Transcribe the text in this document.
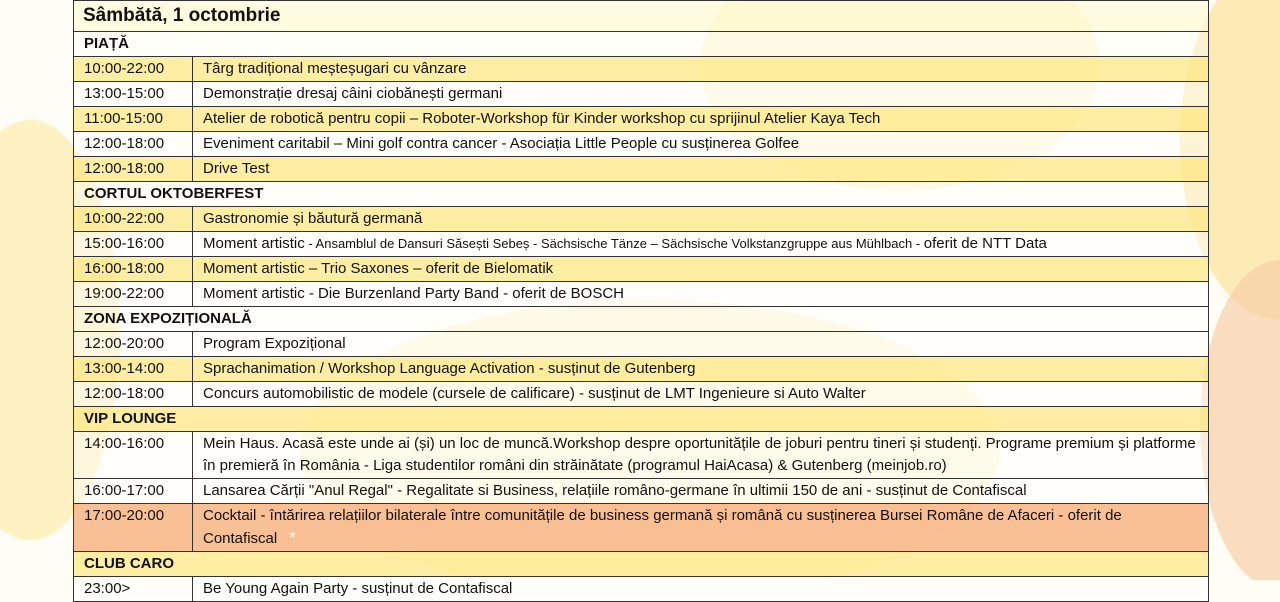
Sâmbătă, 1 octombrie	
PIAȚĂ	
10:00-22:00	Târg tradițional meșteșugari cu vânzare
13:00-15:00	Demonstrație dresaj câini ciobănești germani
11:00-15:00	Atelier de robotică pentru copii – Roboter-Workshop für Kinder workshop cu sprijinul Atelier Kaya Tech
12:00-18:00	Eveniment caritabil – Mini golf contra cancer - Asociația Little People cu susținerea Golfee
12:00-18:00	Drive Test
CORTUL OKTOBERFEST	
10:00-22:00	Gastronomie și băutură germană
15:00-16:00	Moment artistic - Ansamblul de Dansuri Săsești Sebeș - Sächsische Tänze – Sächsische Volkstanzgruppe aus Mühlbach - oferit de NTT Data
16:00-18:00	Moment artistic – Trio Saxones – oferit de Bielomatik
19:00-22:00	Moment artistic - Die Burzenland Party Band - oferit de BOSCH
ZONA EXPOZIȚIONALĂ	
12:00-20:00	Program Expozițional
13:00-14:00	Sprachanimation / Workshop Language Activation - susținut de Gutenberg
12:00-18:00	Concurs automobilistic de modele (cursele de calificare) - susținut de LMT Ingenieure si Auto Walter
VIP LOUNGE	
14:00-16:00	Mein Haus. Acasă este unde ai (și) un loc de muncă.Workshop despre oportunitățile de joburi pentru tineri și studenți. Programe premium și platforme în premieră în România - Liga studentilor români din străinătate (programul HaiAcasa) & Gutenberg (meinjob.ro)
16:00-17:00	Lansarea Cărții "Anul Regal" - Regalitate si Business, relațiile româno-germane în ultimii 150 de ani - susținut de Contafiscal
17:00-20:00	Cocktail - întărirea relațiilor bilaterale între comunitățile de business germană și română cu susținerea Bursei Române de Afaceri - oferit de Contafiscal *
CLUB CARO	
23:00>	Be Young Again Party - susținut de Contafiscal
